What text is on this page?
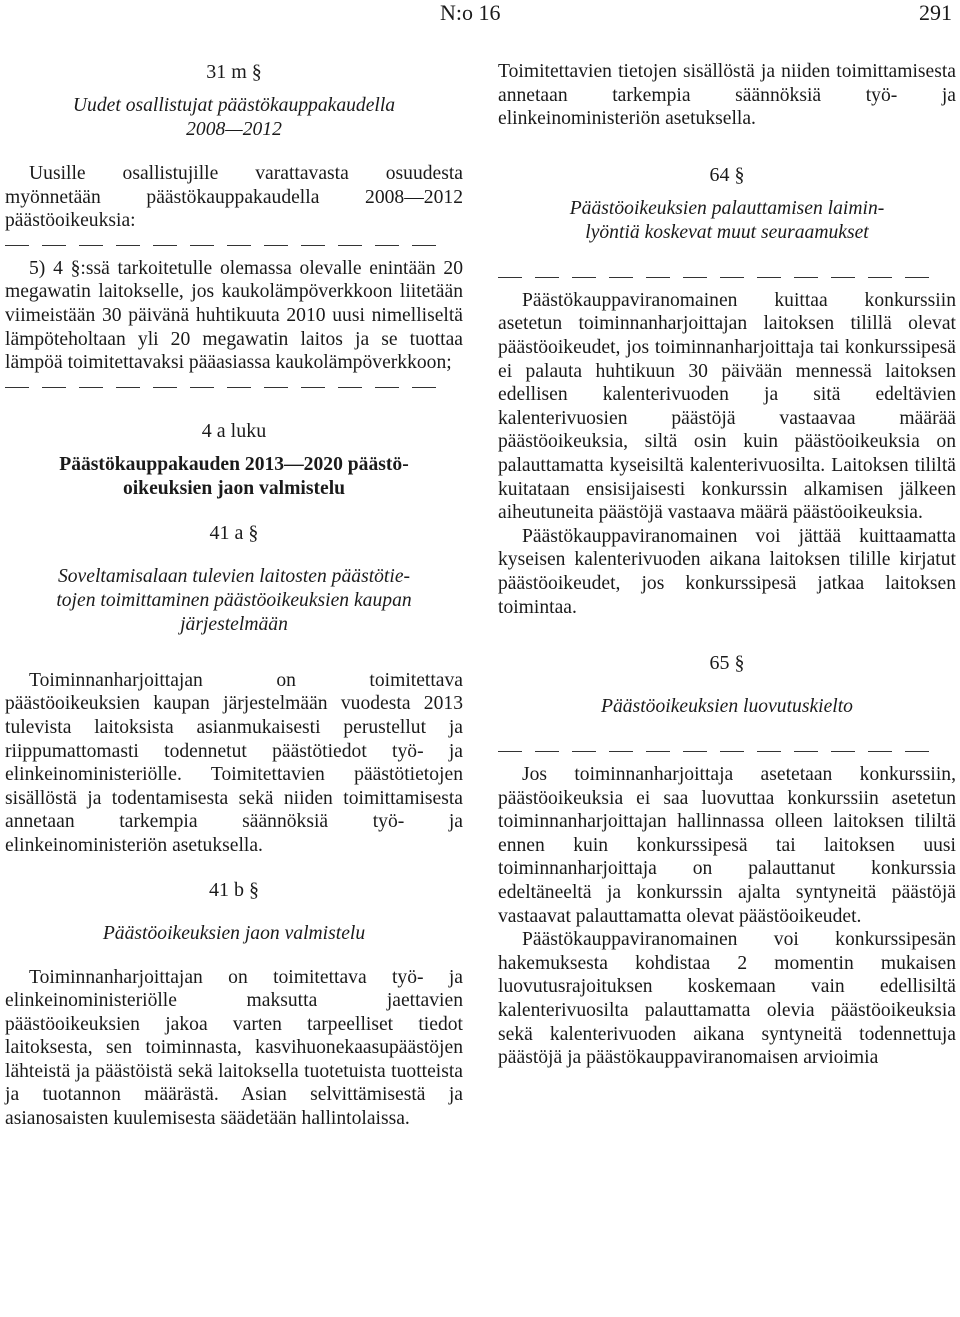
N:o 16	291
31 m §
Uudet osallistujat päästökauppakaudella
2008—2012

Uusille osallistujille varattavasta osuudesta myönnetään päästökauppakaudella 2008—2012 päästöoikeuksia:

5) 4 §:ssä tarkoitetulle olemassa olevalle enintään 20 megawatin laitokselle, jos kaukolämpöverkkoon liitetään viimeistään 30 päivänä huhtikuuta 2010 uusi nimelliseltä lämpöteholtaan yli 20 megawatin laitos ja se tuottaa lämpöä toimitettavaksi pääasiassa kaukolämpöverkkoon;

4 a luku
Päästökauppakauden 2013—2020 päästö-
oikeuksien jaon valmistelu
41 a §
Soveltamisalaan tulevien laitosten päästötie-
tojen toimittaminen päästöoikeuksien kaupan
järjestelmään

Toiminnanharjoittajan on toimitettava päästöoikeuksien kaupan järjestelmään vuodesta 2013 tulevista laitoksista asianmukaisesti perustellut ja riippumattomasti todennetut päästötiedot työ- ja elinkeinoministeriölle. Toimitettavien päästötietojen sisällöstä ja todentamisesta sekä niiden toimittamisesta annetaan tarkempia säännöksiä työ- ja elinkeinoministeriön asetuksella.

41 b §
Päästöoikeuksien jaon valmistelu

Toiminnanharjoittajan on toimitettava työ- ja elinkeinoministeriölle maksutta jaettavien päästöoikeuksien jakoa varten tarpeelliset tiedot laitoksesta, sen toiminnasta, kasvihuonekaasupäästöjen lähteistä ja päästöistä sekä laitoksella tuotetuista tuotteista ja tuotannon määrästä. Asian selvittämisestä ja asianosaisten kuulemisesta säädetään hallintolaissa.

Toimitettavien tietojen sisällöstä ja niiden toimittamisesta annetaan tarkempia säännöksiä työ- ja elinkeinoministeriön asetuksella.

64 §
Päästöoikeuksien palauttamisen laimin-
lyöntiä koskevat muut seuraamukset

Päästökauppaviranomainen kuittaa konkurssiin asetetun toiminnanharjoittajan laitoksen tilillä olevat päästöoikeudet, jos toiminnanharjoittaja tai konkurssipesä ei palauta huhtikuun 30 päivään mennessä laitoksen edellisen kalenterivuoden ja sitä edeltävien kalenterivuosien päästöjä vastaavaa määrää päästöoikeuksia, siltä osin kuin päästöoikeuksia on palauttamatta kyseisiltä kalenterivuosilta. Laitoksen tililtä kuitataan ensisijaisesti konkurssin alkamisen jälkeen aiheutuneita päästöjä vastaava määrä päästöoikeuksia.

Päästökauppaviranomainen voi jättää kuittaamatta kyseisen kalenterivuoden aikana laitoksen tilille kirjatut päästöoikeudet, jos konkurssipesä jatkaa laitoksen toimintaa.

65 §
Päästöoikeuksien luovutuskielto

Jos toiminnanharjoittaja asetetaan konkurssiin, päästöoikeuksia ei saa luovuttaa konkurssiin asetetun toiminnanharjoittajan hallinnassa olleen laitoksen tililtä ennen kuin konkurssipesä tai laitoksen uusi toiminnanharjoittaja on palauttanut konkurssia edeltäneeltä ja konkurssin ajalta syntyneitä päästöjä vastaavat palauttamatta olevat päästöoikeudet.

Päästökauppaviranomainen voi konkurssipesän hakemuksesta kohdistaa 2 momentin mukaisen luovutusrajoituksen koskemaan vain edellisiltä kalenterivuosilta palauttamatta olevia päästöoikeuksia sekä kalenterivuoden aikana syntyneitä todennettuja päästöjä ja päästökauppaviranomaisen arvioimia
